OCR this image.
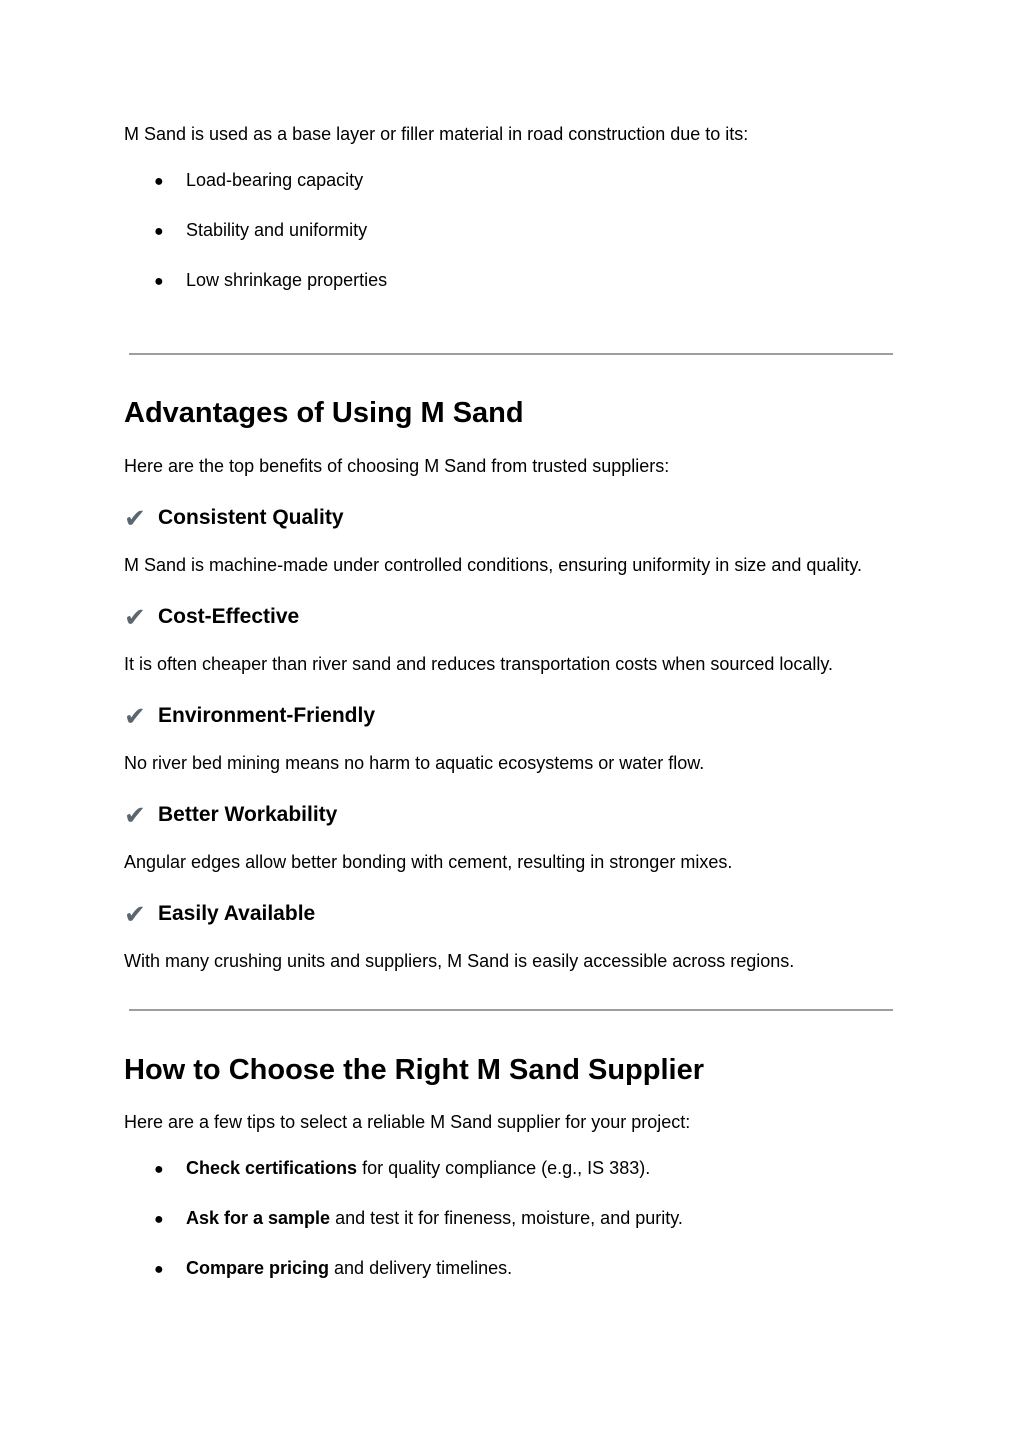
M Sand is used as a base layer or filler material in road construction due to its:
● Load-bearing capacity
● Stability and uniformity
● Low shrinkage properties
Advantages of Using M Sand
Here are the top benefits of choosing M Sand from trusted suppliers:
✔ Consistent Quality
M Sand is machine-made under controlled conditions, ensuring uniformity in size and quality.
✔ Cost-Effective
It is often cheaper than river sand and reduces transportation costs when sourced locally.
✔ Environment-Friendly
No river bed mining means no harm to aquatic ecosystems or water flow.
✔ Better Workability
Angular edges allow better bonding with cement, resulting in stronger mixes.
✔ Easily Available
With many crushing units and suppliers, M Sand is easily accessible across regions.
How to Choose the Right M Sand Supplier
Here are a few tips to select a reliable M Sand supplier for your project:
● Check certifications for quality compliance (e.g., IS 383).
● Ask for a sample and test it for fineness, moisture, and purity.
● Compare pricing and delivery timelines.
